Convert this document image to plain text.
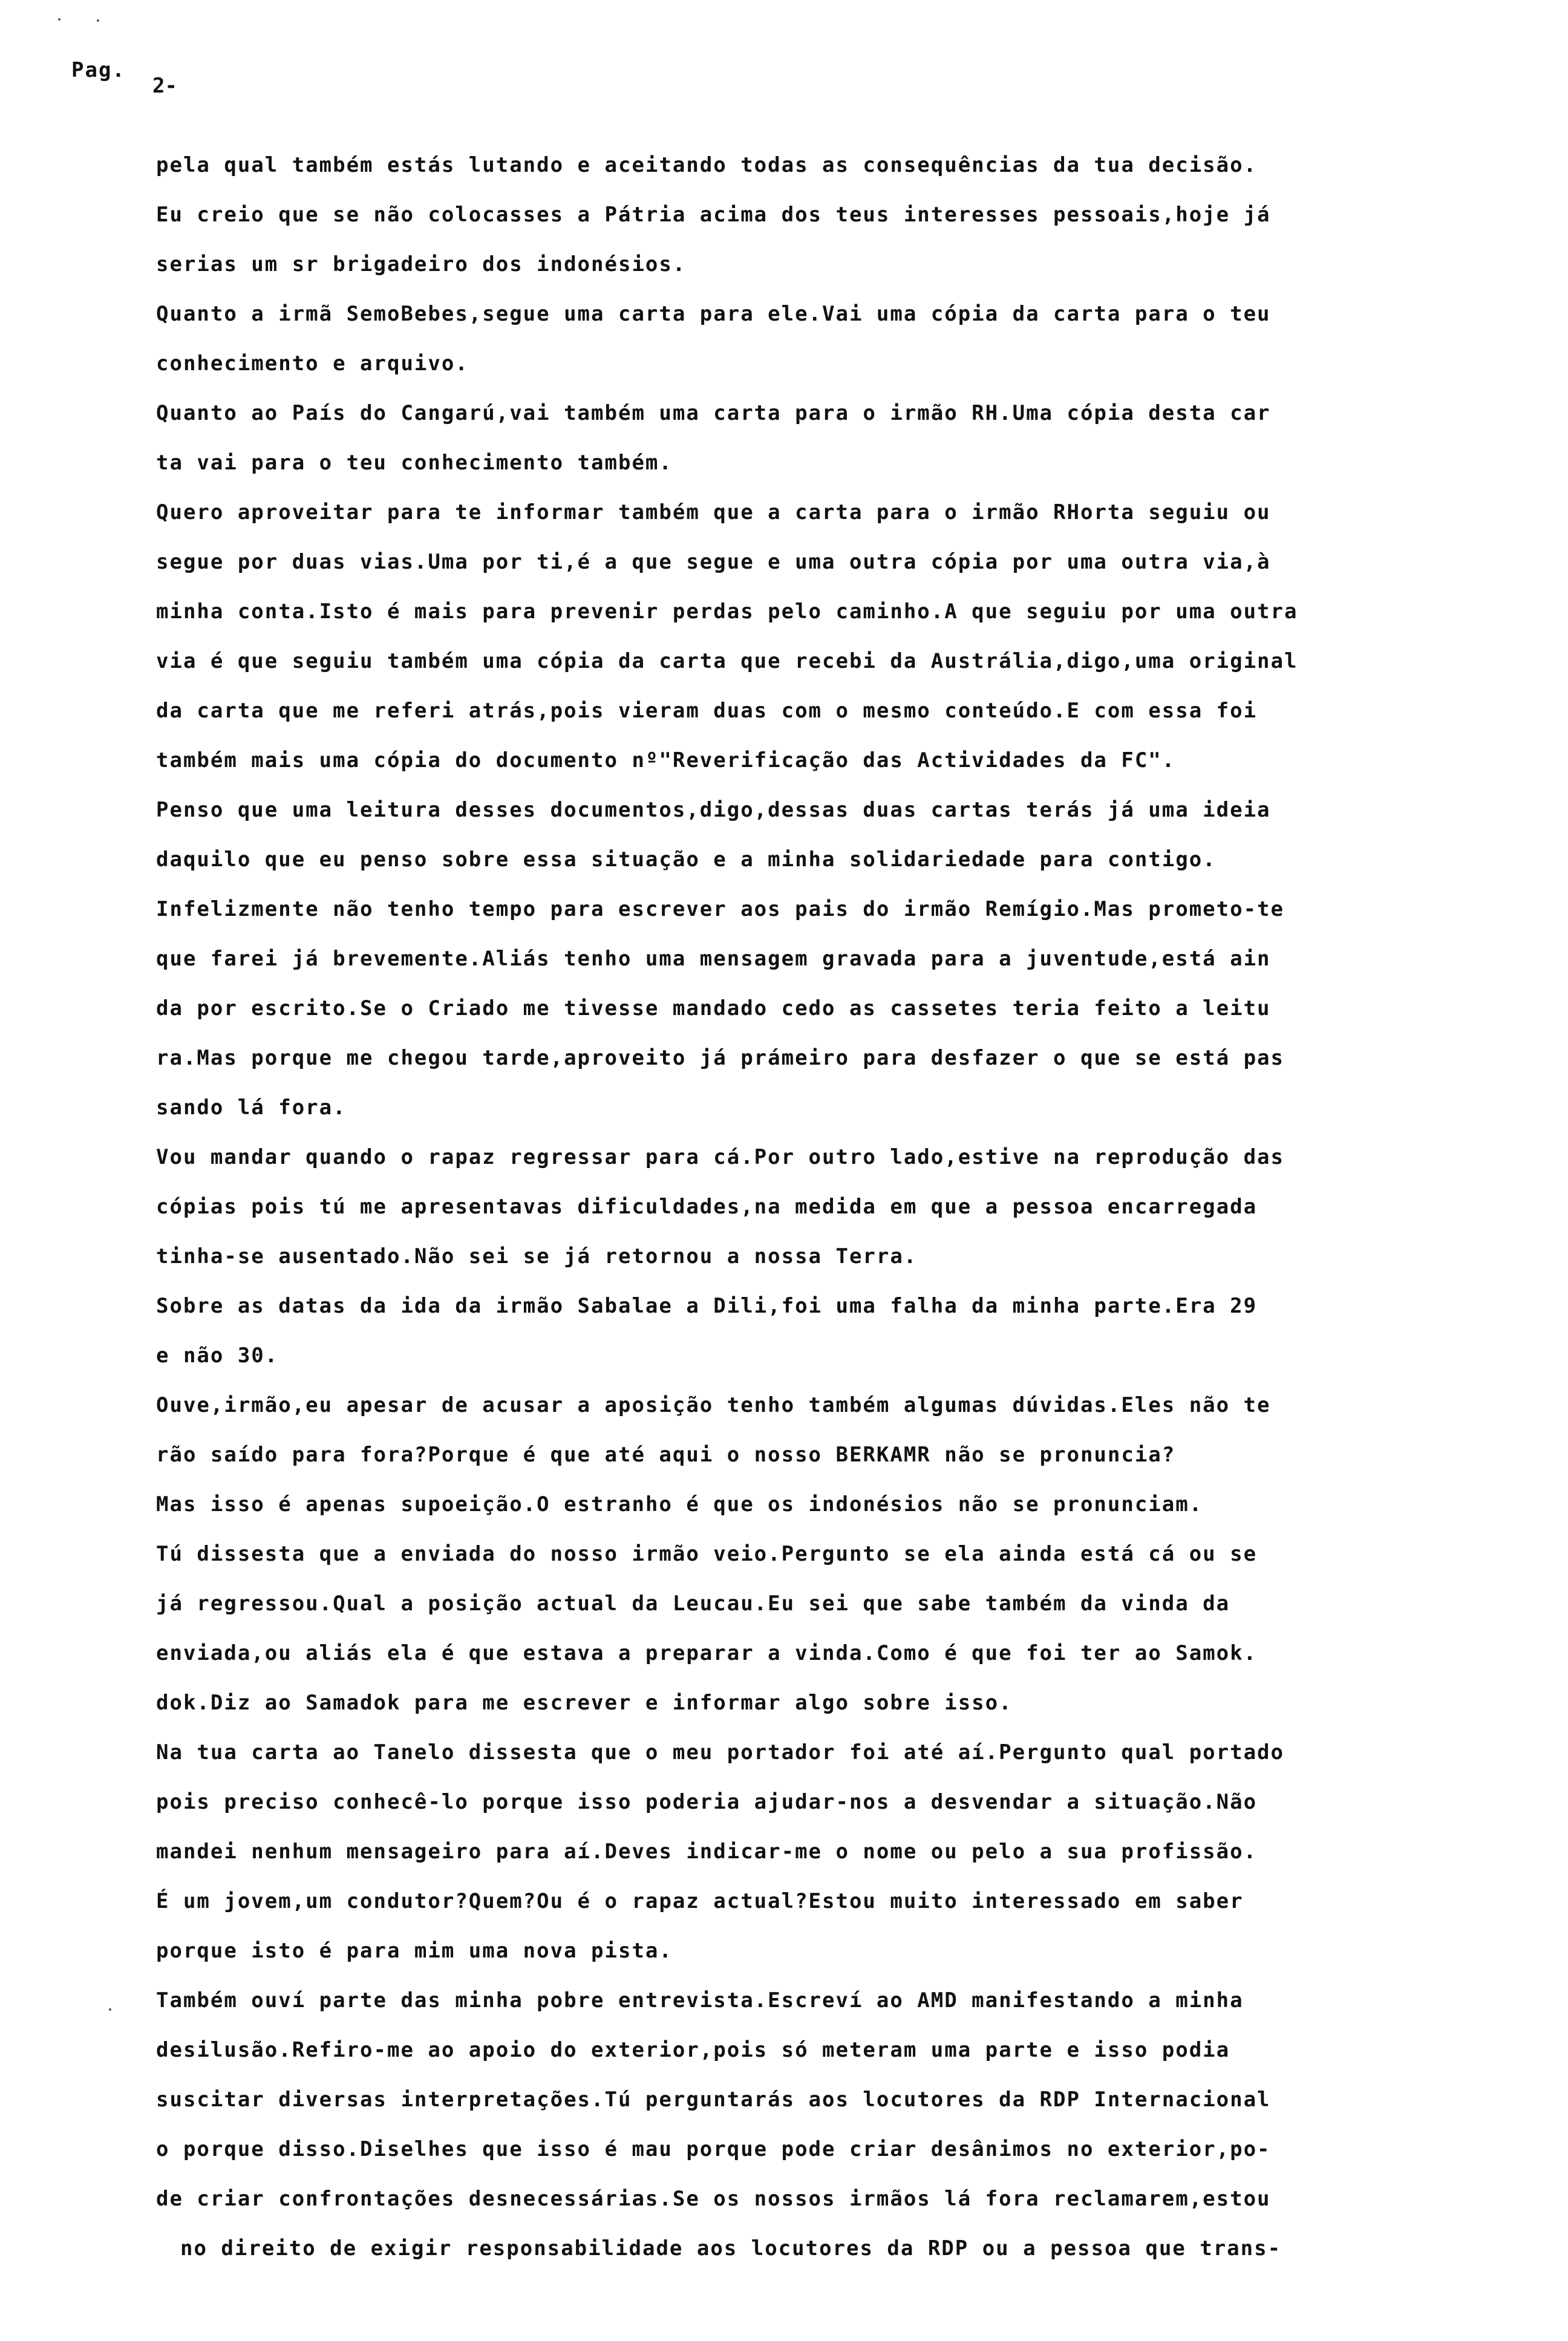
Pag.
2-
pela qual também estás lutando e aceitando todas as consequências da tua decisão.
Eu creio que se não colocasses a Pátria acima dos teus interesses pessoais,hoje já
serias um sr brigadeiro dos indonésios.
Quanto a irmã SemoBebes,segue uma carta para ele.Vai uma cópia da carta para o teu
conhecimento e arquivo.
Quanto ao País do Cangarú,vai também uma carta para o irmão RH.Uma cópia desta car
ta vai para o teu conhecimento também.
Quero aproveitar para te informar também que a carta para o irmão RHorta seguiu ou
segue por duas vias.Uma por ti,é a que segue e uma outra cópia por uma outra via,à
minha conta.Isto é mais para prevenir perdas pelo caminho.A que seguiu por uma outra
via é que seguiu também uma cópia da carta que recebi da Austrália,digo,uma original
da carta que me referi atrás,pois vieram duas com o mesmo conteúdo.E com essa foi
também mais uma cópia do documento nº"Reverificação das Actividades da FC".
Penso que uma leitura desses documentos,digo,dessas duas cartas terás já uma ideia
daquilo que eu penso sobre essa situação e a minha solidariedade para contigo.
Infelizmente não tenho tempo para escrever aos pais do irmão Remígio.Mas prometo-te
que farei já brevemente.Aliás tenho uma mensagem gravada para a juventude,está ain
da por escrito.Se o Criado me tivesse mandado cedo as cassetes teria feito a leitu
ra.Mas porque me chegou tarde,aproveito já prámeiro para desfazer o que se está pas
sando lá fora.
Vou mandar quando o rapaz regressar para cá.Por outro lado,estive na reprodução das
cópias pois tú me apresentavas dificuldades,na medida em que a pessoa encarregada
tinha-se ausentado.Não sei se já retornou a nossa Terra.
Sobre as datas da ida da irmão Sabalae a Dili,foi uma falha da minha parte.Era 29
e não 30.
Ouve,irmão,eu apesar de acusar a aposição tenho também algumas dúvidas.Eles não te
rão saído para fora?Porque é que até aqui o nosso BERKAMR não se pronuncia?
Mas isso é apenas supoeição.O estranho é que os indonésios não se pronunciam.
Tú dissesta que a enviada do nosso irmão veio.Pergunto se ela ainda está cá ou se
já regressou.Qual a posição actual da Leucau.Eu sei que sabe também da vinda da
enviada,ou aliás ela é que estava a preparar a vinda.Como é que foi ter ao Samok.
dok.Diz ao Samadok para me escrever e informar algo sobre isso.
Na tua carta ao Tanelo dissesta que o meu portador foi até aí.Pergunto qual portado
pois preciso conhecê-lo porque isso poderia ajudar-nos a desvendar a situação.Não
mandei nenhum mensageiro para aí.Deves indicar-me o nome ou pelo a sua profissão.
É um jovem,um condutor?Quem?Ou é o rapaz actual?Estou muito interessado em saber
porque isto é para mim uma nova pista.
Também ouví parte das minha pobre entrevista.Escreví ao AMD manifestando a minha
desilusão.Refiro-me ao apoio do exterior,pois só meteram uma parte e isso podia
suscitar diversas interpretações.Tú perguntarás aos locutores da RDP Internacional
o porque disso.Diselhes que isso é mau porque pode criar desânimos no exterior,po-
de criar confrontações desnecessárias.Se os nossos irmãos lá fora reclamarem,estou
no direito de exigir responsabilidade aos locutores da RDP ou a pessoa que trans-
